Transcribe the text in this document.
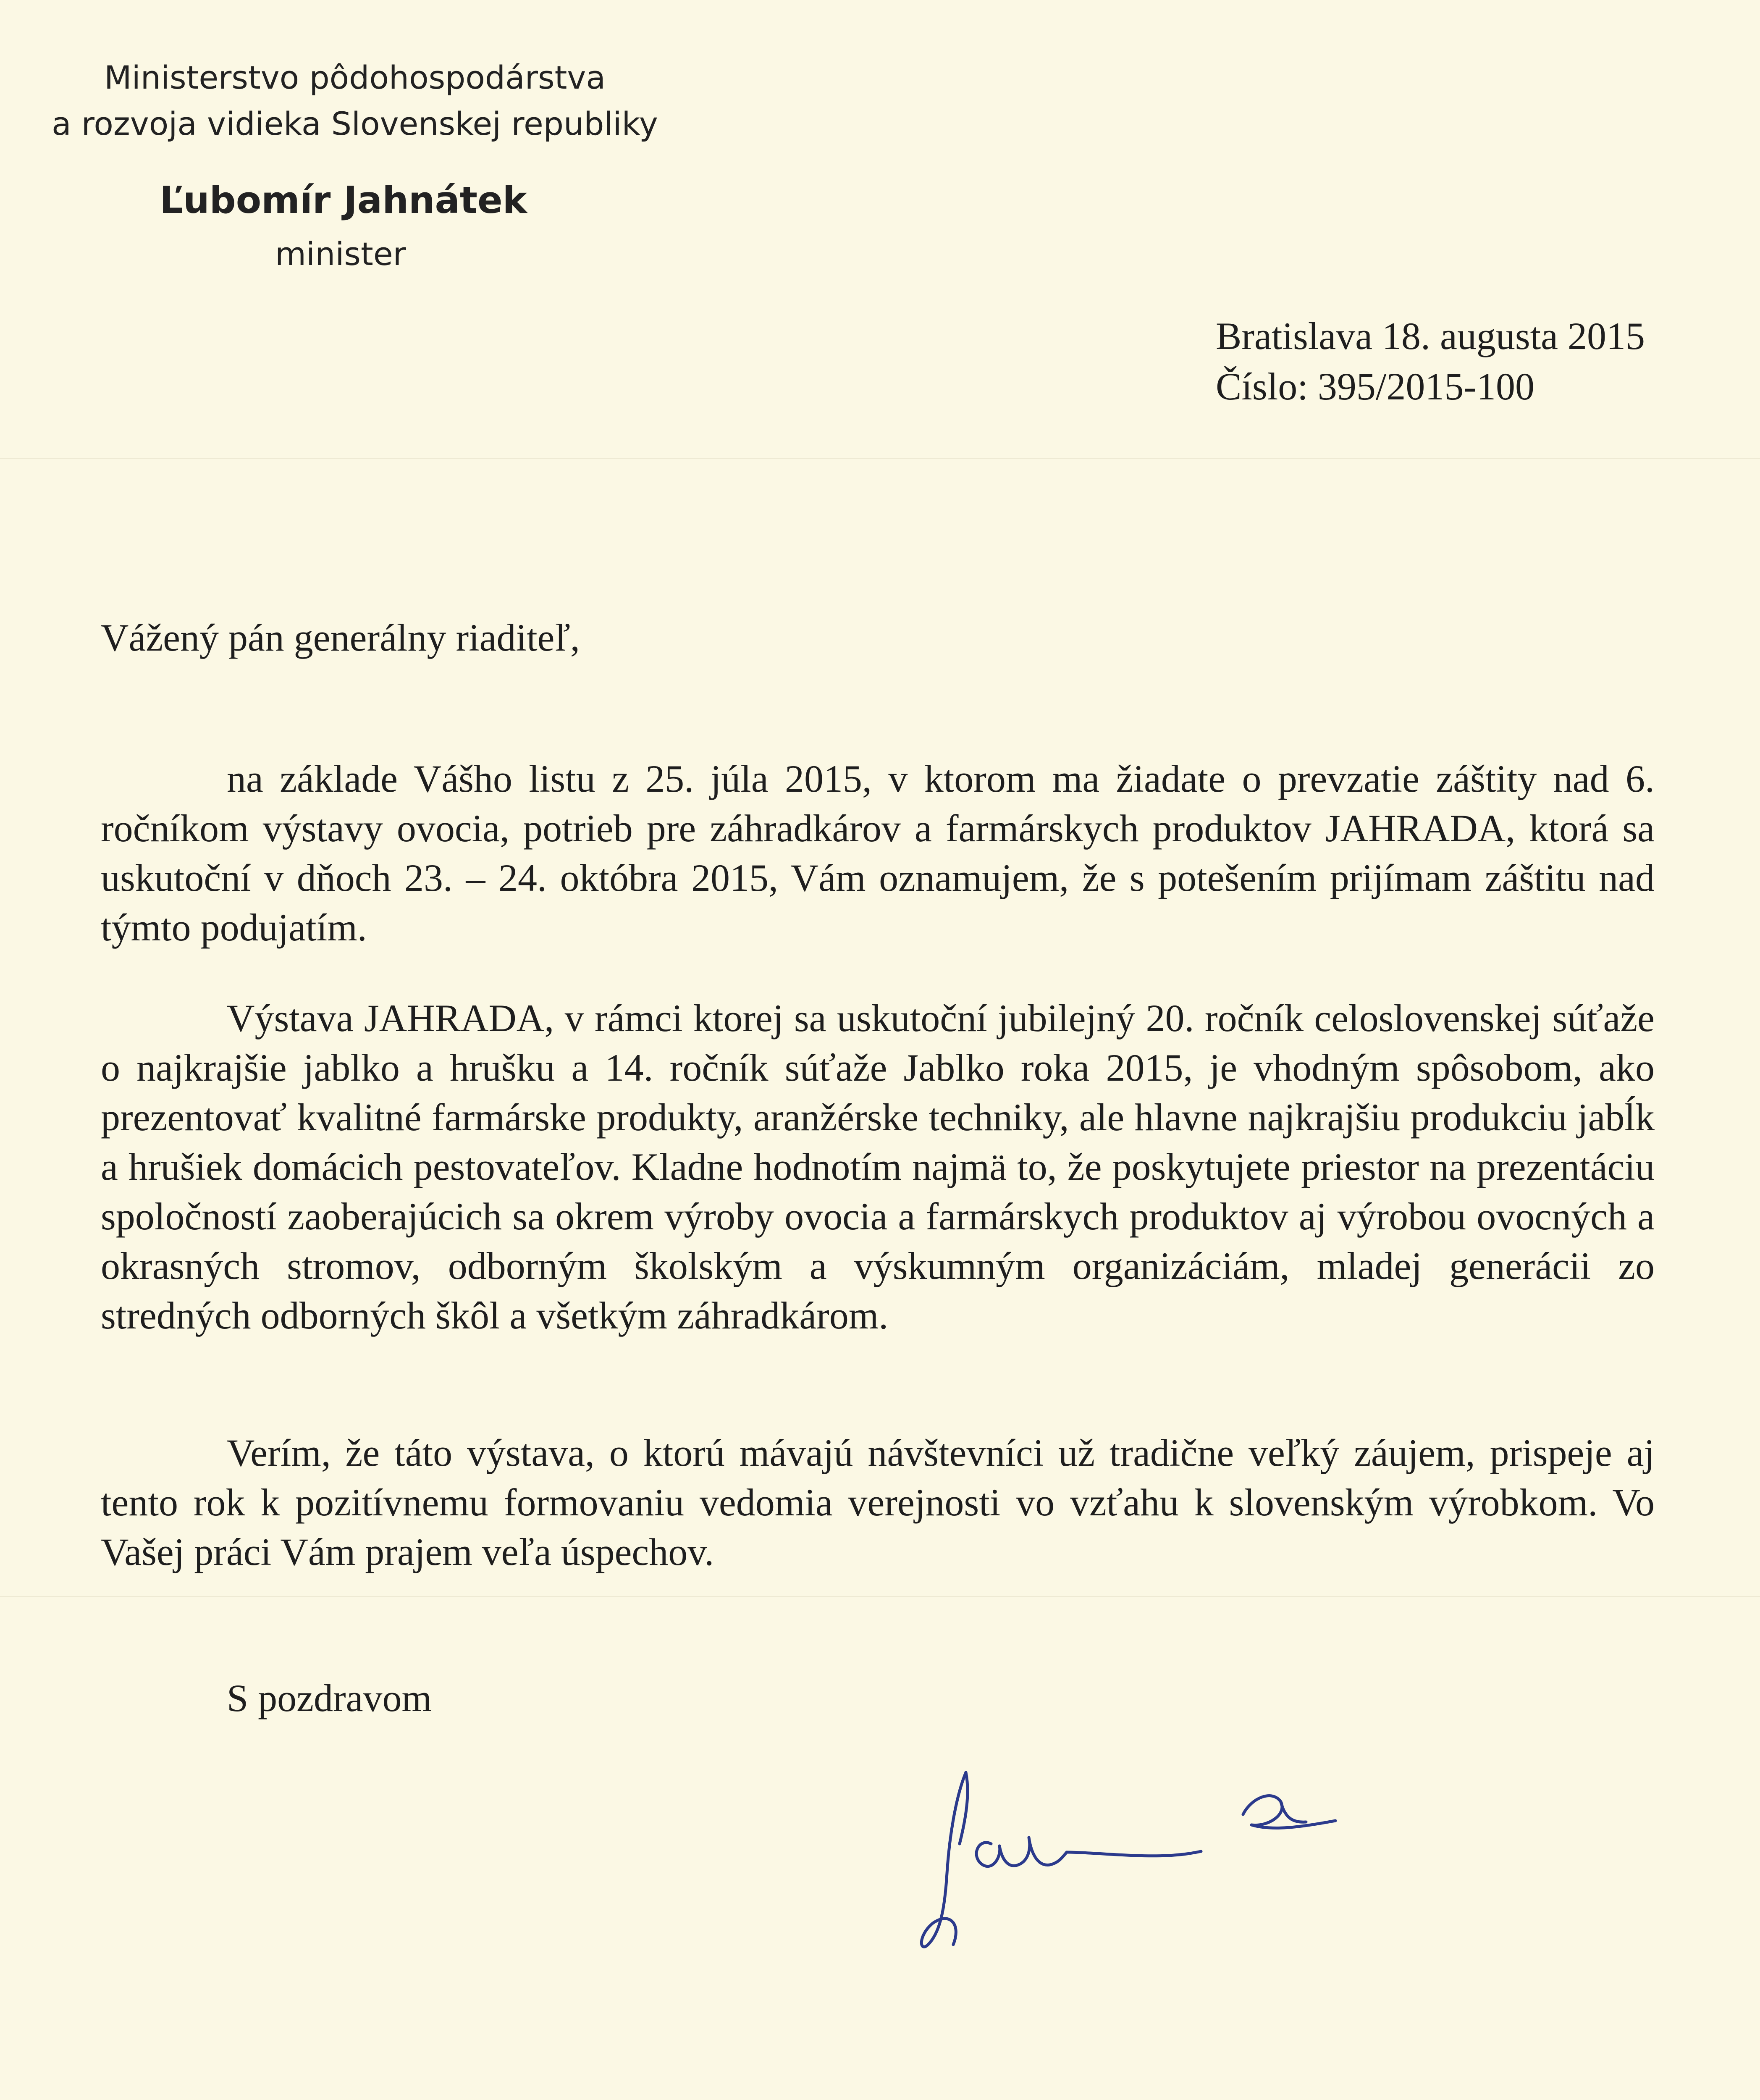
Ministerstvo pôdohospodárstva
a rozvoja vidieka Slovenskej republiky
Ľubomír Jahnátek
minister
Bratislava 18. augusta 2015
Číslo: 395/2015-100
Vážený pán generálny riaditeľ,
na základe Vášho listu z 25. júla 2015, v ktorom ma žiadate o prevzatie záštity nad 6. ročníkom výstavy ovocia, potrieb pre záhradkárov a farmárskych produktov JAHRADA, ktorá sa uskutoční v dňoch 23. – 24. októbra 2015, Vám oznamujem, že s potešením prijímam záštitu nad týmto podujatím.
Výstava JAHRADA, v rámci ktorej sa uskutoční jubilejný 20. ročník celoslovenskej súťaže o najkrajšie jablko a hrušku a 14. ročník súťaže Jablko roka 2015, je vhodným spôsobom, ako prezentovať kvalitné farmárske produkty, aranžérske techniky, ale hlavne najkrajšiu produkciu jabĺk a hrušiek domácich pestovateľov. Kladne hodnotím najmä to, že poskytujete priestor na prezentáciu spoločností zaoberajúcich sa okrem výroby ovocia a farmárskych produktov aj výrobou ovocných a okrasných stromov, odborným školským a výskumným organizáciám, mladej generácii zo stredných odborných škôl a všetkým záhradkárom.
Verím, že táto výstava, o ktorú mávajú návštevníci už tradične veľký záujem, prispeje aj tento rok k pozitívnemu formovaniu vedomia verejnosti vo vzťahu k slovenským výrobkom. Vo Vašej práci Vám prajem veľa úspechov.
S pozdravom
